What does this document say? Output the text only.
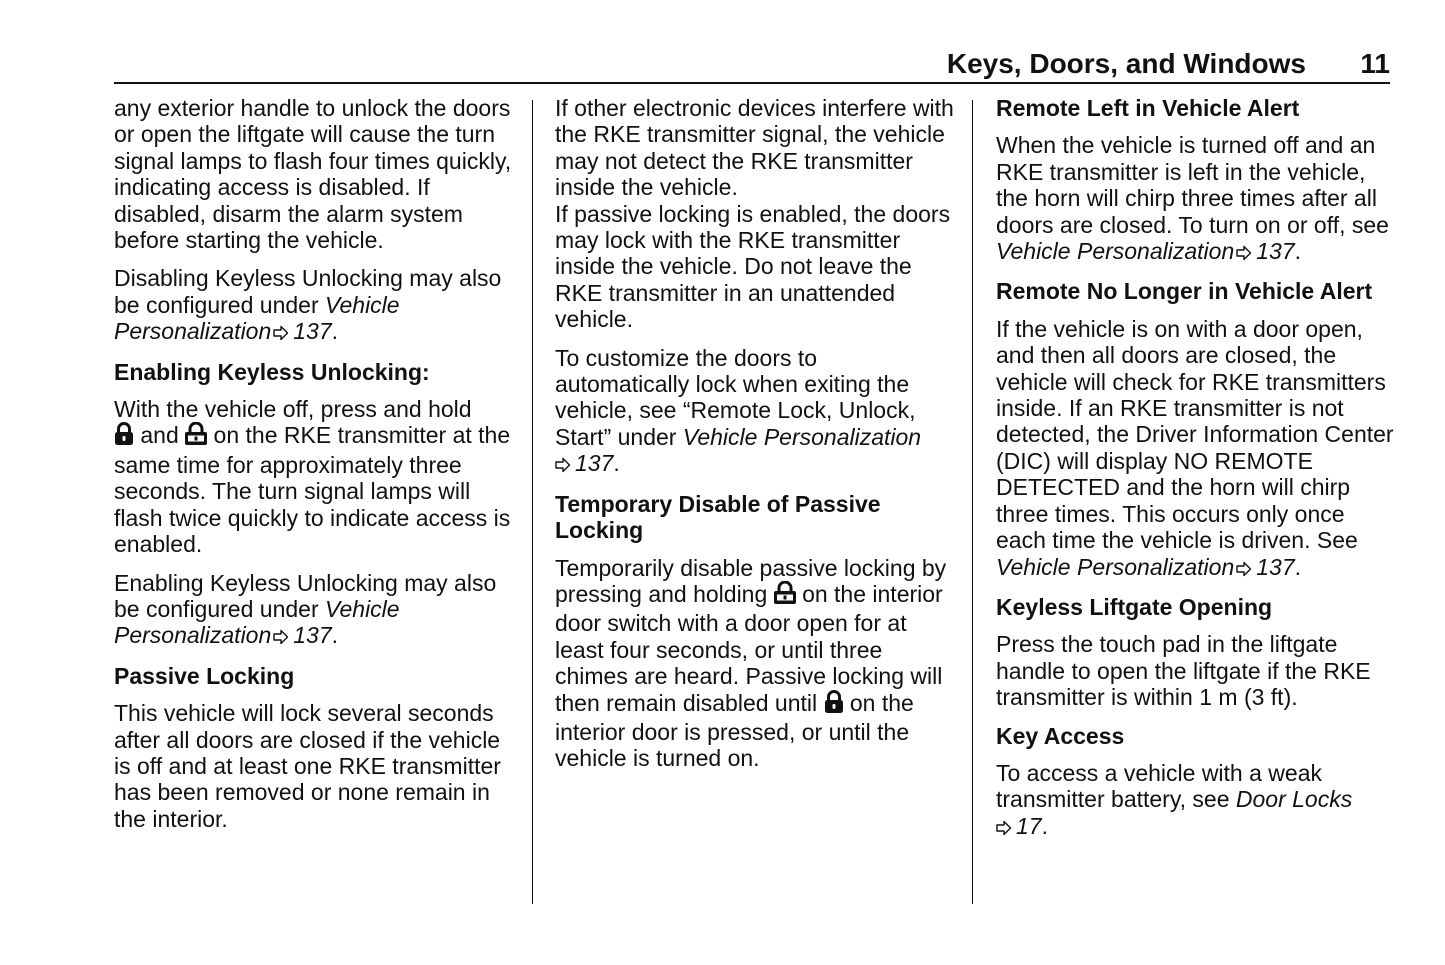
Keys, Doors, and Windows 11

any exterior handle to unlock the doors or open the liftgate will cause the turn signal lamps to flash four times quickly, indicating access is disabled. If disabled, disarm the alarm system before starting the vehicle.

Disabling Keyless Unlocking may also be configured under Vehicle Personalization 137.

Enabling Keyless Unlocking:

With the vehicle off, press and hold
and on the RKE transmitter at the same time for approximately three seconds. The turn signal lamps will flash twice quickly to indicate access is enabled.

Enabling Keyless Unlocking may also be configured under Vehicle Personalization 137.

Passive Locking

This vehicle will lock several seconds after all doors are closed if the vehicle is off and at least one RKE transmitter has been removed or none remain in the interior.

If other electronic devices interfere with the RKE transmitter signal, the vehicle may not detect the RKE transmitter inside the vehicle.

If passive locking is enabled, the doors may lock with the RKE transmitter inside the vehicle. Do not leave the RKE transmitter in an unattended vehicle.

To customize the doors to automatically lock when exiting the vehicle, see “Remote Lock, Unlock, Start” under Vehicle Personalization
137.

Temporary Disable of Passive Locking

Temporarily disable passive locking by pressing and holding on the interior door switch with a door open for at least four seconds, or until three chimes are heard. Passive locking will then remain disabled until on the interior door is pressed, or until the vehicle is turned on.

Remote Left in Vehicle Alert

When the vehicle is turned off and an RKE transmitter is left in the vehicle, the horn will chirp three times after all doors are closed. To turn on or off, see Vehicle Personalization 137.

Remote No Longer in Vehicle Alert

If the vehicle is on with a door open, and then all doors are closed, the vehicle will check for RKE transmitters inside. If an RKE transmitter is not detected, the Driver Information Center (DIC) will display NO REMOTE DETECTED and the horn will chirp three times. This occurs only once each time the vehicle is driven. See Vehicle Personalization 137.

Keyless Liftgate Opening

Press the touch pad in the liftgate handle to open the liftgate if the RKE transmitter is within 1 m (3 ft).

Key Access

To access a vehicle with a weak transmitter battery, see Door Locks
17.
